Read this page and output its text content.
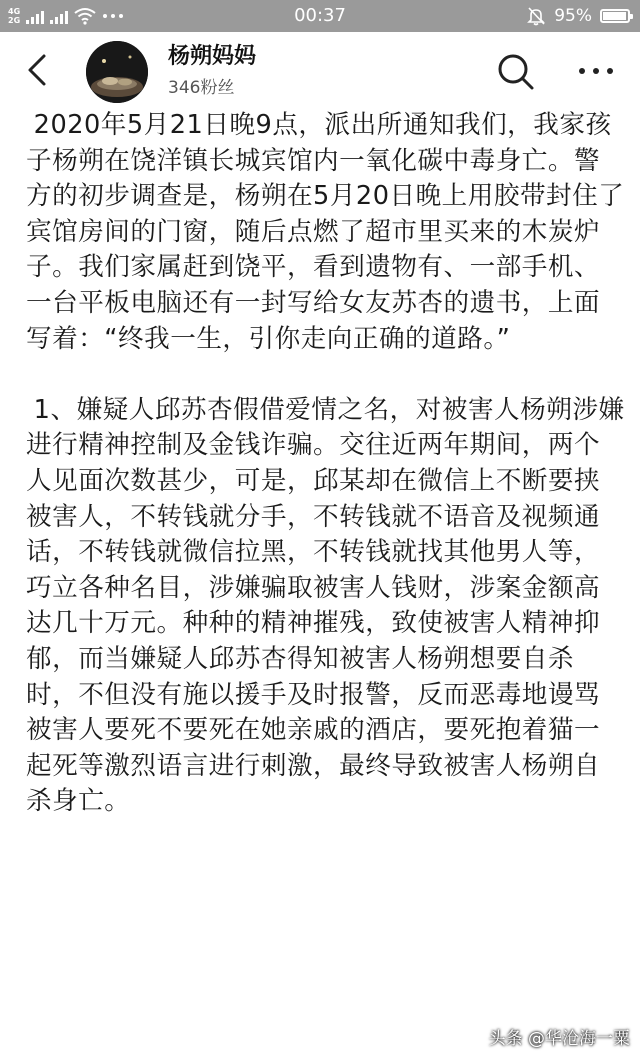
4G
2G	00:37	95%
杨朔妈妈
346粉丝

2020年5月21日晚9点，派出所通知我们，我家孩子杨朔在饶洋镇长城宾馆内一氧化碳中毒身亡。警方的初步调查是，杨朔在5月20日晚上用胶带封住了宾馆房间的门窗，随后点燃了超市里买来的木炭炉子。我们家属赶到饶平，看到遗物有、一部手机、一台平板电脑还有一封写给女友苏杏的遗书，上面写着：“终我一生，引你走向正确的道路。”

1、嫌疑人邱苏杏假借爱情之名，对被害人杨朔涉嫌进行精神控制及金钱诈骗。交往近两年期间，两个人见面次数甚少，可是，邱某却在微信上不断要挟被害人，不转钱就分手，不转钱就不语音及视频通话，不转钱就微信拉黑，不转钱就找其他男人等，巧立各种名目，涉嫌骗取被害人钱财，涉案金额高达几十万元。种种的精神摧残，致使被害人精神抑郁，而当嫌疑人邱苏杏得知被害人杨朔想要自杀时，不但没有施以援手及时报警，反而恶毒地谩骂被害人要死不要死在她亲戚的酒店，要死抱着猫一起死等激烈语言进行刺激，最终导致被害人杨朔自杀身亡。

头条 @华沧海一粟
